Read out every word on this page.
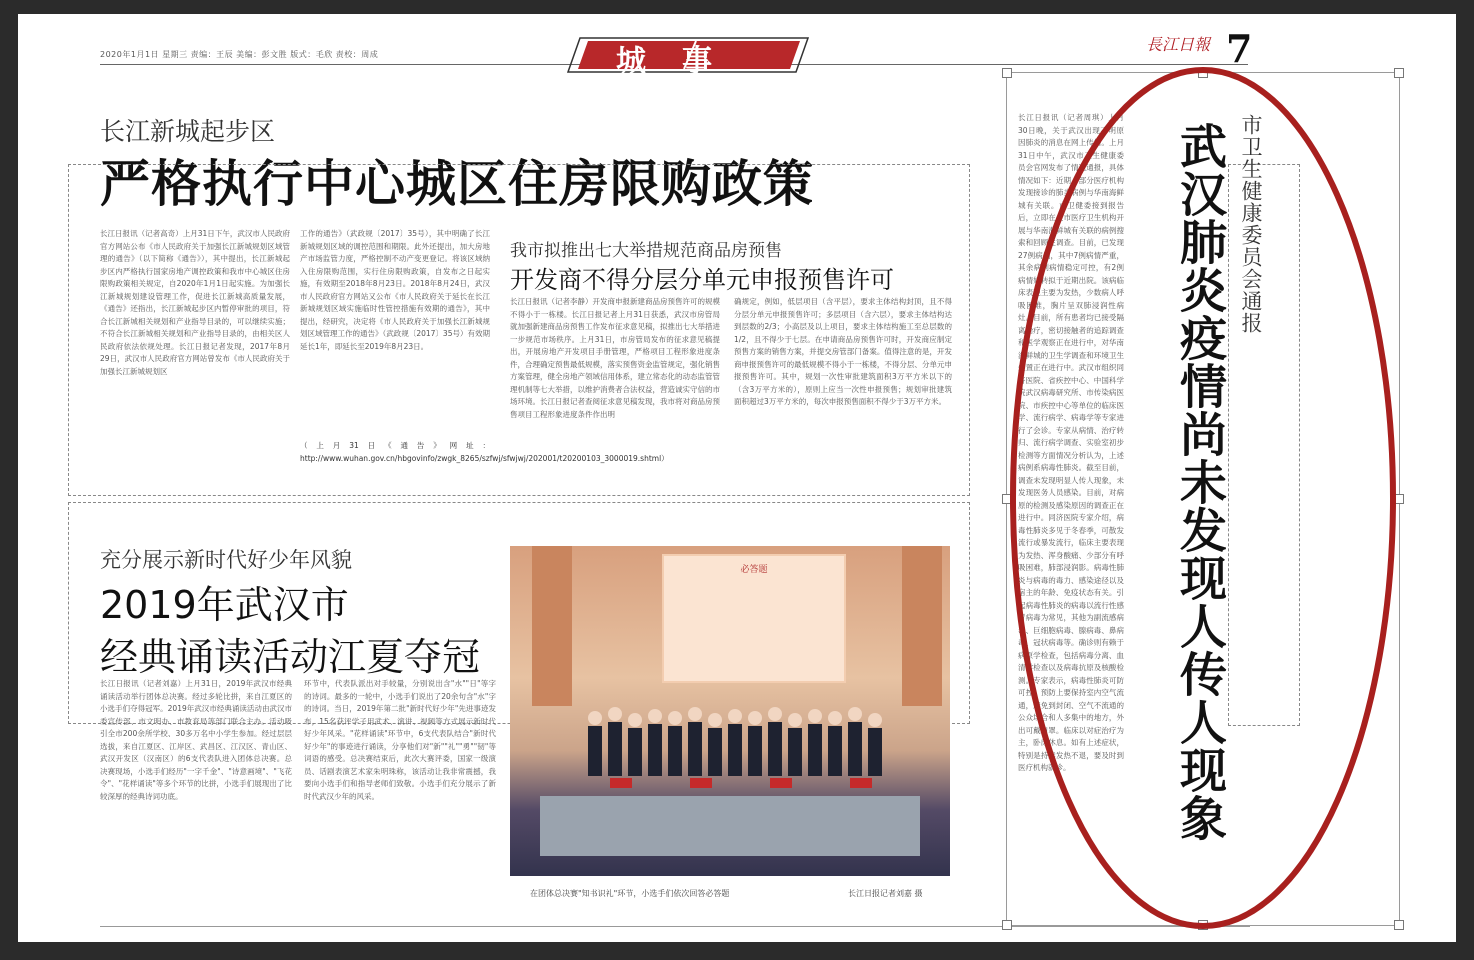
2020年1月1日 星期三 责编：王辰 美编：彭文胜 版式：毛欣 责校：周成	城事	長江日報 7
长江新城起步区
严格执行中心城区住房限购政策
长江日报讯（记者高奇）上月31日下午，武汉市人民政府官方网站公布《市人民政府关于加强长江新城规划区域管理的通告》（以下简称《通告》），其中提出，长江新城起步区内严格执行国家房地产调控政策和我市中心城区住房限购政策相关规定，自2020年1月1日起实施。为加强长江新城规划建设管理工作，促进长江新城高质量发展，《通告》还指出，长江新城起步区内暂停审批的项目，符合长江新城相关规划和产业指导目录的，可以继续实施；不符合长江新城相关规划和产业指导目录的，由相关区人民政府依法依规处理。长江日报记者发现，2017年8月29日，武汉市人民政府官方网站曾发布《市人民政府关于加强长江新城规划区
工作的通告》（武政规〔2017〕35号），其中明确了长江新城规划区域的调控范围和期限。此外还提出，加大房地产市场监管力度，严格控制不动产变更登记。将该区域纳入住房限购范围，实行住房限购政策，自发布之日起实施，有效期至2018年8月23日。2018年8月24日，武汉市人民政府官方网站又公布《市人民政府关于延长在长江新城规划区域实施临时性管控措施有效期的通告》，其中提出，经研究，决定将《市人民政府关于加强长江新城规划区域管理工作的通告》（武政规〔2017〕35号）有效期延长1年，即延长至2019年8月23日。
（上月31日《通告》网址：http://www.wuhan.gov.cn/hbgovinfo/zwgk_8265/szfwj/sfwjwj/202001/t20200103_3000019.shtml）
我市拟推出七大举措规范商品房预售
开发商不得分层分单元申报预售许可
长江日报讯（记者李静）开发商申报新建商品房预售许可的规模不得小于一栋楼。长江日报记者上月31日获悉，武汉市房管局就加强新建商品房预售工作发布征求意见稿，拟推出七大举措进一步规范市场秩序。上月31日，市房管局发布的征求意见稿提出，开展房地产开发项目手册管理，严格项目工程形象进度条件，合理确定预售最低规模，落实预售资金监管规定，强化销售方案管理，健全房地产领域信用体系，建立常态化的动态监管管理机制等七大举措，以维护消费者合法权益，营造诚实守信的市场环境。长江日报记者查阅征求意见稿发现，我市将对商品房预售项目工程形象进度条件作出明
确规定，例如，低层项目（含平层），要求主体结构封顶，且不得分层分单元申报预售许可；多层项目（含六层），要求主体结构达到层数的2/3；小高层及以上项目，要求主体结构施工至总层数的1/2，且不得少于七层。在申请商品房预售许可时，开发商应制定预售方案的销售方案，并提交房管部门备案。值得注意的是，开发商申报预售许可的最低规模不得小于一栋楼，不得分层、分单元申报预售许可。其中，规划一次性审批建筑面积3万平方米以下的（含3万平方米的），原则上应当一次性申报预售；规划审批建筑面积超过3万平方米的，每次申报预售面积不得少于3万平方米。
充分展示新时代好少年风貌
2019年武汉市
经典诵读活动江夏夺冠
长江日报讯（记者刘嘉）上月31日，2019年武汉市经典诵读活动举行团体总决赛。经过多轮比拼，来自江夏区的小选手们夺得冠军。2019年武汉市经典诵读活动由武汉市委宣传部、市文明办、市教育局等部门联合主办。活动吸引全市200余所学校、30多万名中小学生参加。经过层层选拔，来自江夏区、江岸区、武昌区、江汉区、青山区、武汉开发区（汉南区）的6支代表队进入团体总决赛。总决赛现场，小选手们经历"一字千金"、"诗意画境"、"飞花令"、"花样诵读"等多个环节的比拼，小选手们展现出了比较深厚的经典诗词功底。
环节中，代表队派出对手较量，分别说出含"水""日"等字的诗词。最多的一轮中，小选手们说出了20余句含"水"字的诗词。当日，2019年第二批"新时代好少年"先进事迹发布，15名获评学子用武术、演讲、视频等方式展示新时代好少年风采。"花样诵读"环节中，6支代表队结合"新时代好少年"的事迹进行诵读，分享他们对"新""礼""勇""韧"等词语的感受。总决赛结束后，此次大赛评委，国家一级演员、话剧表演艺术家朱明珠称，该活动让我非常震撼，我要向小选手们和指导老师们致敬。小选手们充分展示了新时代武汉少年的风采。
必答题
在团体总决赛"知书识礼"环节，小选手们依次回答必答题	长江日报记者刘嘉 摄
长江日报讯（记者周琪）上月30日晚，关于武汉出现不明原因肺炎的消息在网上传播。上月31日中午，武汉市卫生健康委员会官网发布了情况通报，具体情况如下：近期，部分医疗机构发现接诊的肺炎病例与华南海鲜城有关联。市卫健委接到报告后，立即在全市医疗卫生机构开展与华南海鲜城有关联的病例搜索和回顾性调查。目前，已发现27例病例，其中7例病情严重，其余病例病情稳定可控，有2例病情好转拟于近期出院。该病临床表现主要为发热，少数病人呼吸困难，胸片呈双肺浸润性病灶。目前，所有患者均已接受隔离治疗，密切接触者的追踪调查和医学观察正在进行中，对华南海鲜城的卫生学调查和环境卫生处置正在进行中。武汉市组织同济医院、省疾控中心、中国科学院武汉病毒研究所、市传染病医院、市疾控中心等单位的临床医学、流行病学、病毒学等专家进行了会诊。专家从病情、治疗转归、流行病学调查、实验室初步检测等方面情况分析认为，上述病例系病毒性肺炎。截至目前，调查未发现明显人传人现象，未发现医务人员感染。目前，对病原的检测及感染原因的调查正在进行中。同济医院专家介绍，病毒性肺炎多见于冬春季，可散发流行或暴发流行，临床主要表现为发热、浑身酸痛、少部分有呼吸困难，肺部浸润影。病毒性肺炎与病毒的毒力、感染途径以及宿主的年龄、免疫状态有关。引起病毒性肺炎的病毒以流行性感冒病毒为常见，其他为副流感病毒、巨细胞病毒、腺病毒、鼻病毒、冠状病毒等。确诊则有赖于病原学检查，包括病毒分离、血清学检查以及病毒抗原及核酸检测。专家表示，病毒性肺炎可防可控，预防上要保持室内空气流通，避免到封闭、空气不流通的公众场合和人多集中的地方，外出可戴口罩。临床以对症治疗为主，卧床休息。如有上述症状，特别是持续发热不退，要及时到医疗机构就诊。
市卫生健康委员会通报
武汉肺炎疫情尚未发现人传人现象
